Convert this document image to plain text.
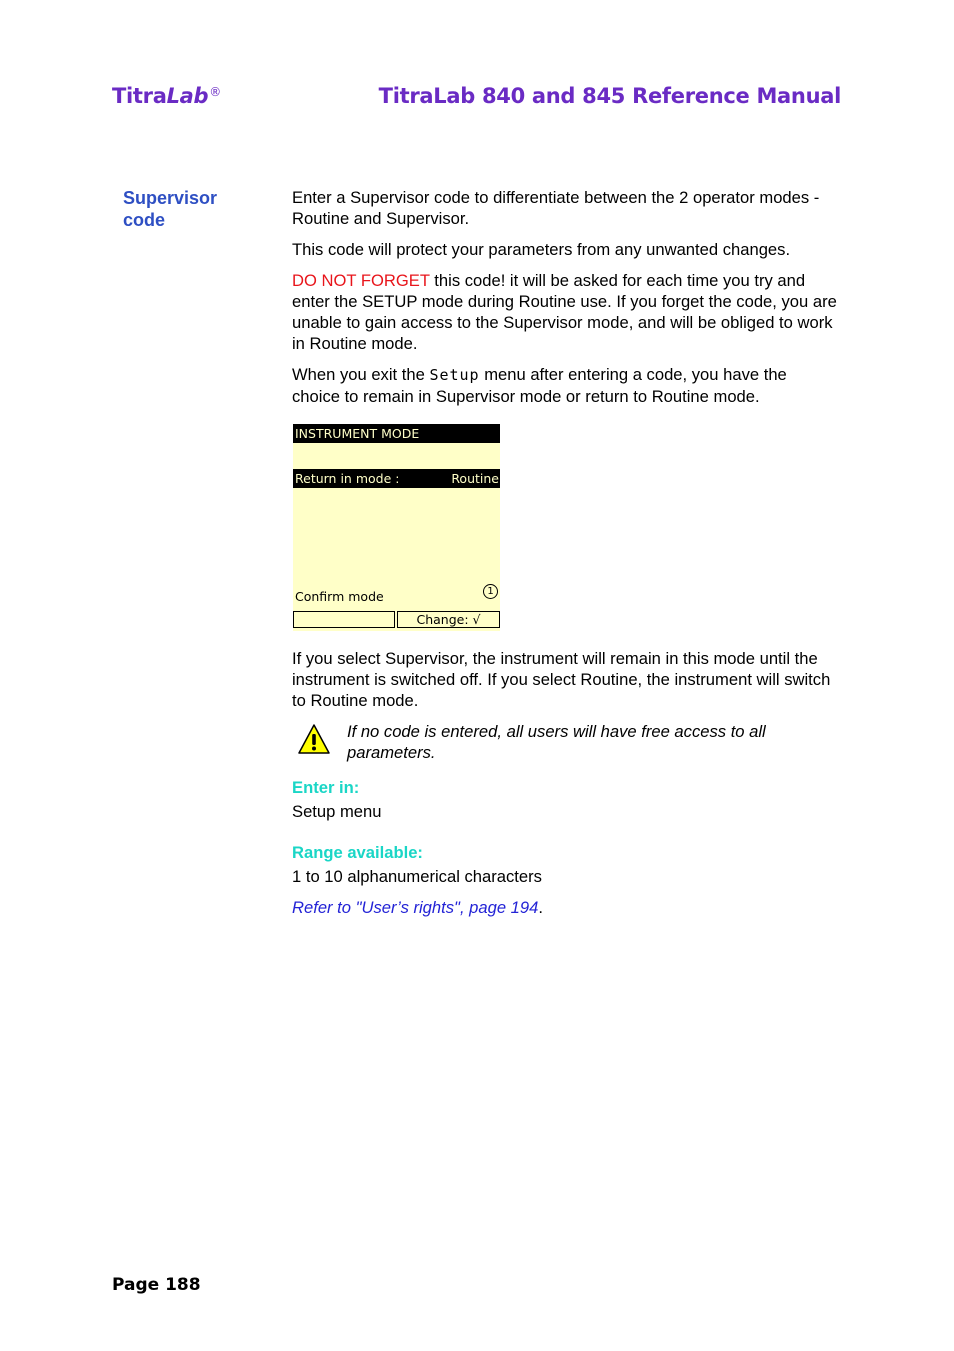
TitraLab®	TitraLab 840 and 845 Reference Manual
Supervisor
code

Enter a Supervisor code to differentiate between the 2 operator modes - Routine and Supervisor.

This code will protect your parameters from any unwanted changes.

DO NOT FORGET this code! it will be asked for each time you try and enter the SETUP mode during Routine use. If you forget the code, you are unable to gain access to the Supervisor mode, and will be obliged to work in Routine mode.

When you exit the Setup menu after entering a code, you have the choice to remain in Supervisor mode or return to Routine mode.

INSTRUMENT MODE
Return in mode :	Routine
Confirm mode	1
Change: √

If you select Supervisor, the instrument will remain in this mode until the instrument is switched off. If you select Routine, the instrument will switch to Routine mode.

If no code is entered, all users will have free access to all parameters.
Enter in:

Setup menu

Range available:

1 to 10 alphanumerical characters

Refer to "User’s rights", page 194.

Page 188
